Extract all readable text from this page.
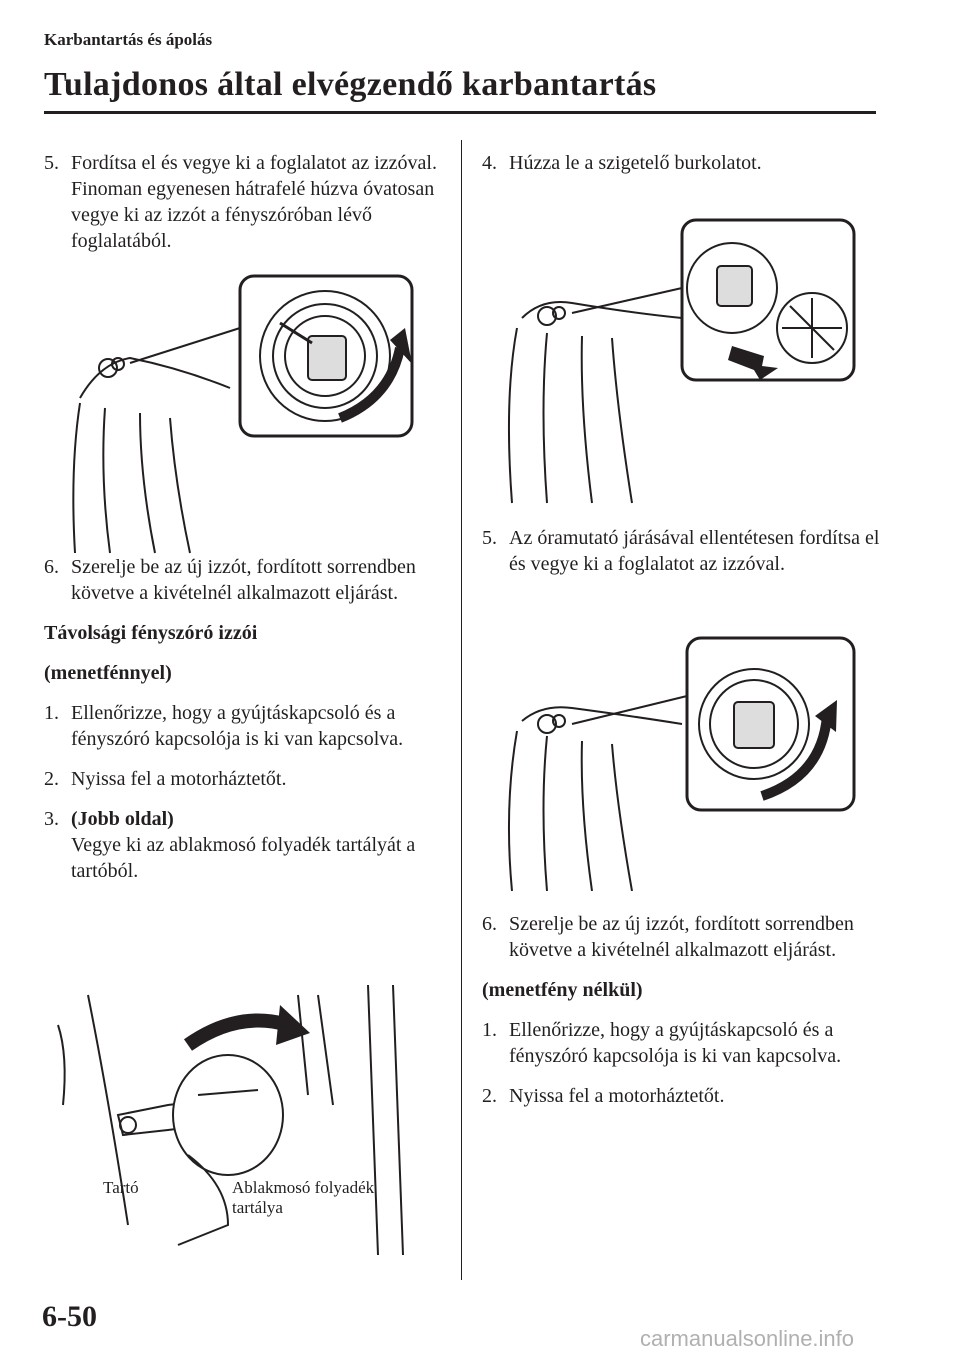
Karbantartás és ápolás
Tulajdonos által elvégzendő karbantartás

5. Fordítsa el és vegye ki a foglalatot az izzóval. Finoman egyenesen hátrafelé húzva óvatosan vegye ki az izzót a fényszóróban lévő foglalatából.

6. Szerelje be az új izzót, fordított sorrendben követve a kivételnél alkalmazott eljárást.

Távolsági fényszóró izzói

(menetfénnyel)

1. Ellenőrizze, hogy a gyújtáskapcsoló és a fényszóró kapcsolója is ki van kapcsolva.

2. Nyissa fel a motorháztetőt.

3. (Jobb oldal)
Vegye ki az ablakmosó folyadék tartályát a tartóból.

Tartó	Ablakmosó folyadék
tartálya

4. Húzza le a szigetelő burkolatot.

5. Az óramutató járásával ellentétesen fordítsa el és vegye ki a foglalatot az izzóval.

6. Szerelje be az új izzót, fordított sorrendben követve a kivételnél alkalmazott eljárást.

(menetfény nélkül)

1. Ellenőrizze, hogy a gyújtáskapcsoló és a fényszóró kapcsolója is ki van kapcsolva.

2. Nyissa fel a motorháztetőt.

6-50
carmanualsonline.info
